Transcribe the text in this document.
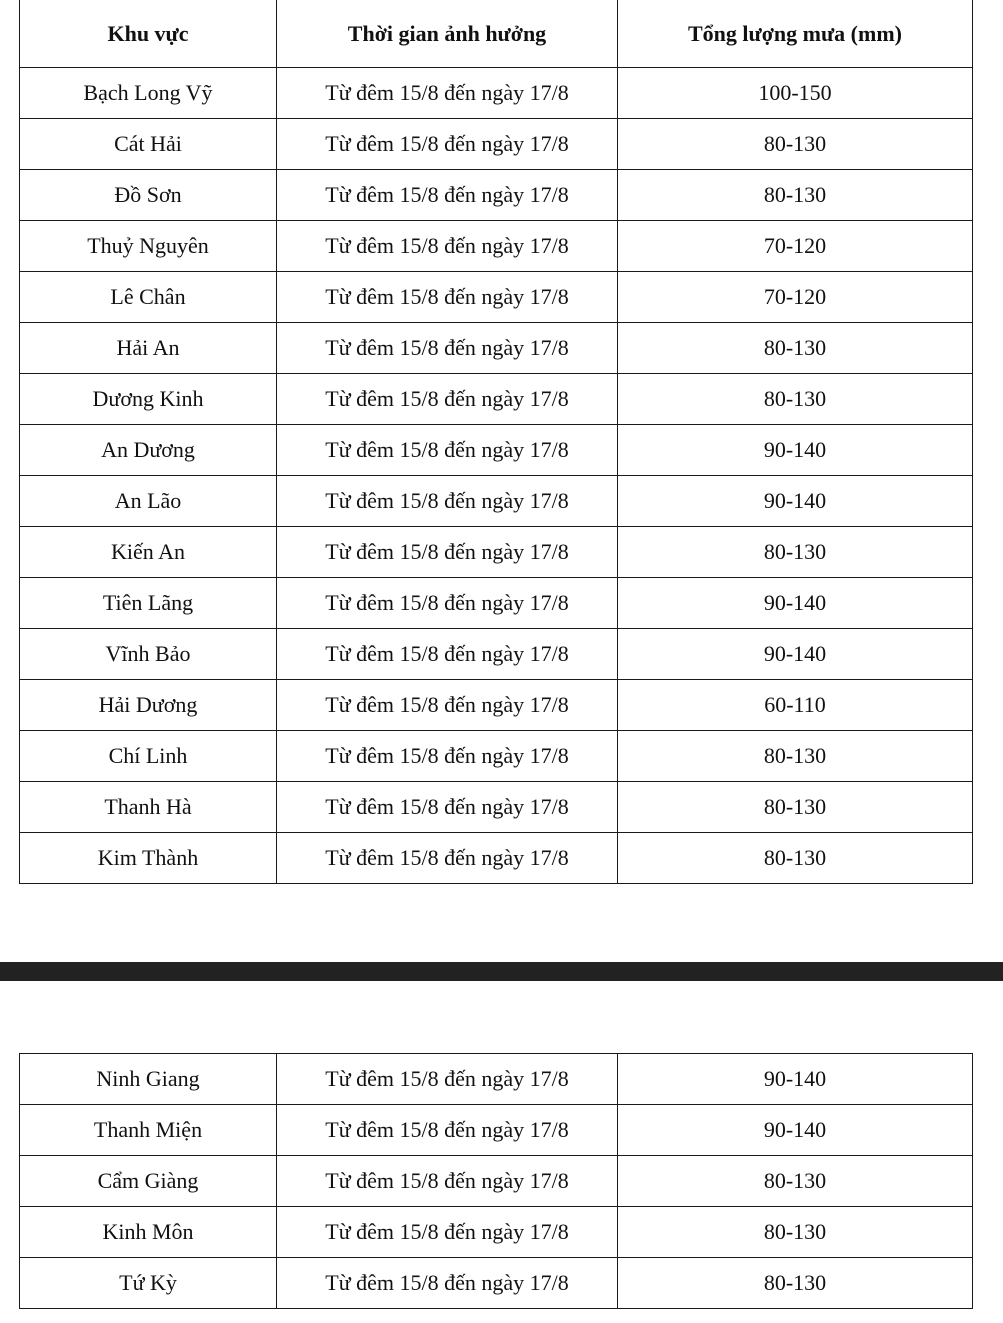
Khu vực	Thời gian ảnh hưởng	Tổng lượng mưa (mm)
Bạch Long Vỹ	Từ đêm 15/8 đến ngày 17/8	100-150
Cát Hải	Từ đêm 15/8 đến ngày 17/8	80-130
Đồ Sơn	Từ đêm 15/8 đến ngày 17/8	80-130
Thuỷ Nguyên	Từ đêm 15/8 đến ngày 17/8	70-120
Lê Chân	Từ đêm 15/8 đến ngày 17/8	70-120
Hải An	Từ đêm 15/8 đến ngày 17/8	80-130
Dương Kinh	Từ đêm 15/8 đến ngày 17/8	80-130
An Dương	Từ đêm 15/8 đến ngày 17/8	90-140
An Lão	Từ đêm 15/8 đến ngày 17/8	90-140
Kiến An	Từ đêm 15/8 đến ngày 17/8	80-130
Tiên Lãng	Từ đêm 15/8 đến ngày 17/8	90-140
Vĩnh Bảo	Từ đêm 15/8 đến ngày 17/8	90-140
Hải Dương	Từ đêm 15/8 đến ngày 17/8	60-110
Chí Linh	Từ đêm 15/8 đến ngày 17/8	80-130
Thanh Hà	Từ đêm 15/8 đến ngày 17/8	80-130
Kim Thành	Từ đêm 15/8 đến ngày 17/8	80-130
Ninh Giang	Từ đêm 15/8 đến ngày 17/8	90-140
Thanh Miện	Từ đêm 15/8 đến ngày 17/8	90-140
Cẩm Giàng	Từ đêm 15/8 đến ngày 17/8	80-130
Kinh Môn	Từ đêm 15/8 đến ngày 17/8	80-130
Tứ Kỳ	Từ đêm 15/8 đến ngày 17/8	80-130
